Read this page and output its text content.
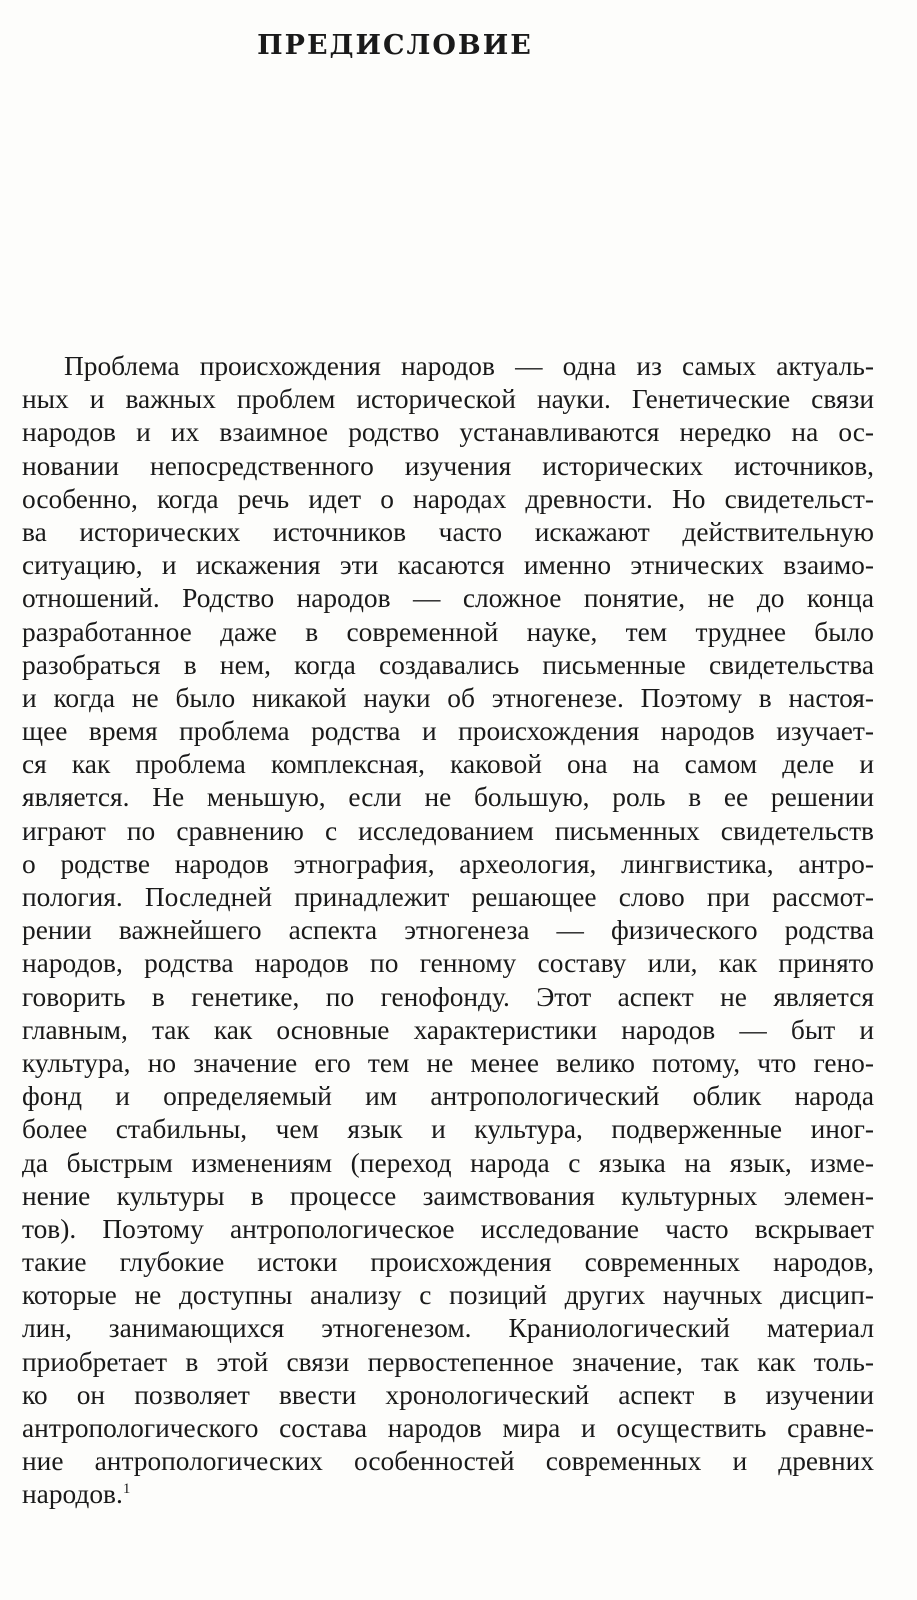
ПРЕДИСЛОВИЕ
Проблема происхождения народов — одна из самых актуаль-
ных и важных проблем исторической науки. Генетические связи
народов и их взаимное родство устанавливаются нередко на ос-
новании непосредственного изучения исторических источников,
особенно, когда речь идет о народах древности. Но свидетельст-
ва исторических источников часто искажают действительную
ситуацию, и искажения эти касаются именно этнических взаимо-
отношений. Родство народов — сложное понятие, не до конца
разработанное даже в современной науке, тем труднее было
разобраться в нем, когда создавались письменные свидетельства
и когда не было никакой науки об этногенезе. Поэтому в настоя-
щее время проблема родства и происхождения народов изучает-
ся как проблема комплексная, каковой она на самом деле и
является. Не меньшую, если не большую, роль в ее решении
играют по сравнению с исследованием письменных свидетельств
о родстве народов этнография, археология, лингвистика, антро-
пология. Последней принадлежит решающее слово при рассмот-
рении важнейшего аспекта этногенеза — физического родства
народов, родства народов по генному составу или, как принято
говорить в генетике, по генофонду. Этот аспект не является
главным, так как основные характеристики народов — быт и
культура, но значение его тем не менее велико потому, что гено-
фонд и определяемый им антропологический облик народа
более стабильны, чем язык и культура, подверженные иног-
да быстрым изменениям (переход народа с языка на язык, изме-
нение культуры в процессе заимствования культурных элемен-
тов). Поэтому антропологическое исследование часто вскрывает
такие глубокие истоки происхождения современных народов,
которые не доступны анализу с позиций других научных дисцип-
лин, занимающихся этногенезом. Краниологический материал
приобретает в этой связи первостепенное значение, так как толь-
ко он позволяет ввести хронологический аспект в изучении
антропологического состава народов мира и осуществить сравне-
ние антропологических особенностей современных и древних
народов.$^1$
